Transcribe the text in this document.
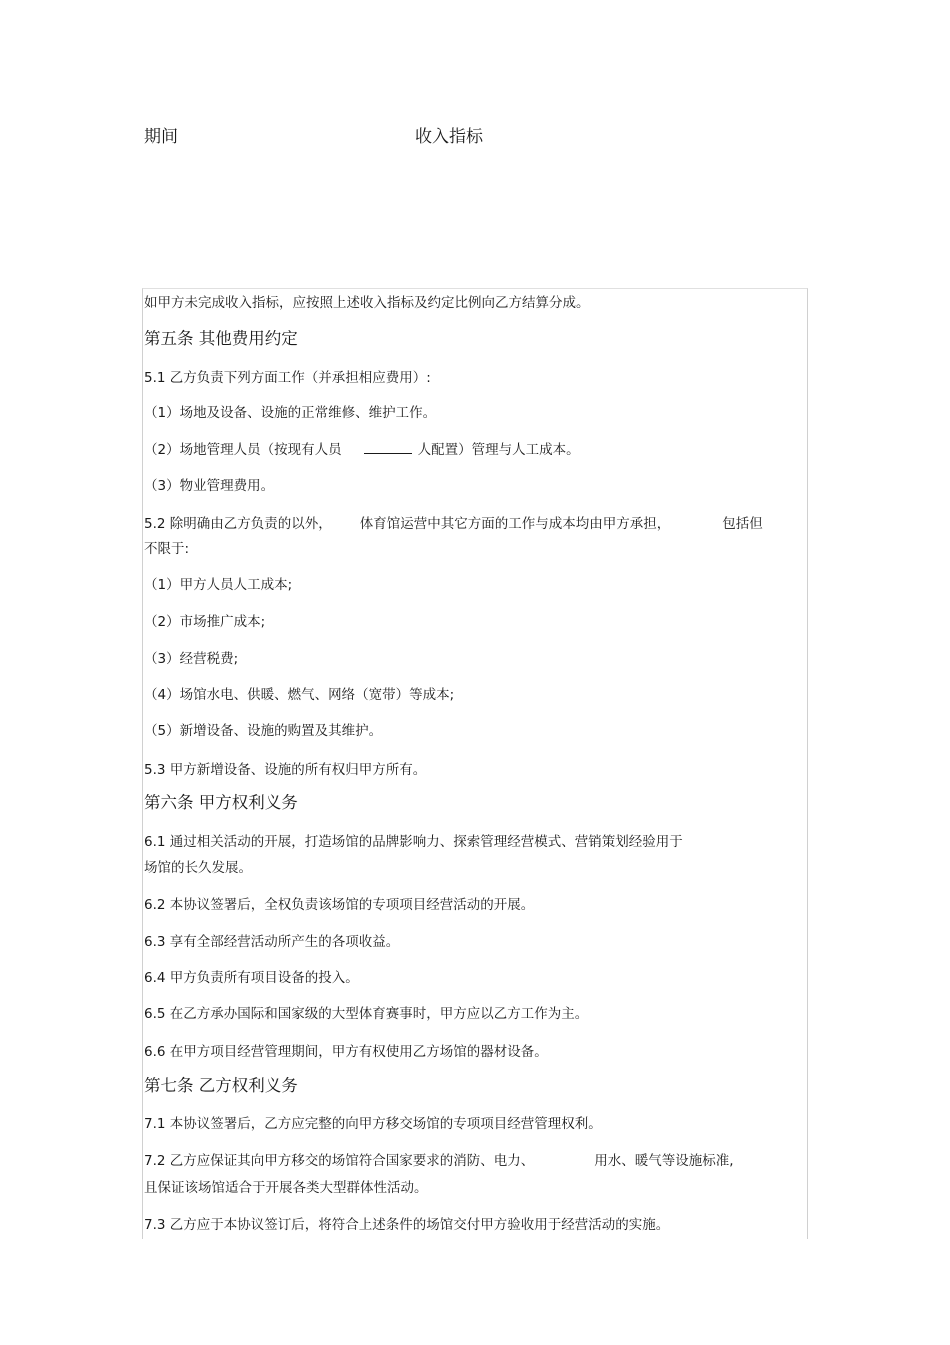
期间	收入指标
如甲方未完成收入指标，应按照上述收入指标及约定比例向乙方结算分成。
第五条 其他费用约定
5.1 乙方负责下列方面工作（并承担相应费用）:
（1）场地及设备、设施的正常维修、维护工作。
（2）场地管理人员（按现有人员	人配置）管理与人工成本。
（3）物业管理费用。
5.2 除明确由乙方负责的以外， 体育馆运营中其它方面的工作与成本均由甲方承担，	包括但
不限于:
（1）甲方人员人工成本;
（2）市场推广成本;
（3）经营税费;
（4）场馆水电、供暖、燃气、网络（宽带）等成本;
（5）新增设备、设施的购置及其维护。
5.3 甲方新增设备、设施的所有权归甲方所有。
第六条 甲方权利义务
6.1 通过相关活动的开展，打造场馆的品牌影响力、探索管理经营模式、营销策划经验用于
场馆的长久发展。
6.2 本协议签署后，全权负责该场馆的专项项目经营活动的开展。
6.3 享有全部经营活动所产生的各项收益。
6.4 甲方负责所有项目设备的投入。
6.5 在乙方承办国际和国家级的大型体育赛事时，甲方应以乙方工作为主。
6.6 在甲方项目经营管理期间，甲方有权使用乙方场馆的器材设备。
第七条 乙方权利义务
7.1 本协议签署后，乙方应完整的向甲方移交场馆的专项项目经营管理权利。
7.2 乙方应保证其向甲方移交的场馆符合国家要求的消防、电力、	用水、暖气等设施标准,
且保证该场馆适合于开展各类大型群体性活动。
7.3 乙方应于本协议签订后，将符合上述条件的场馆交付甲方验收用于经营活动的实施。
